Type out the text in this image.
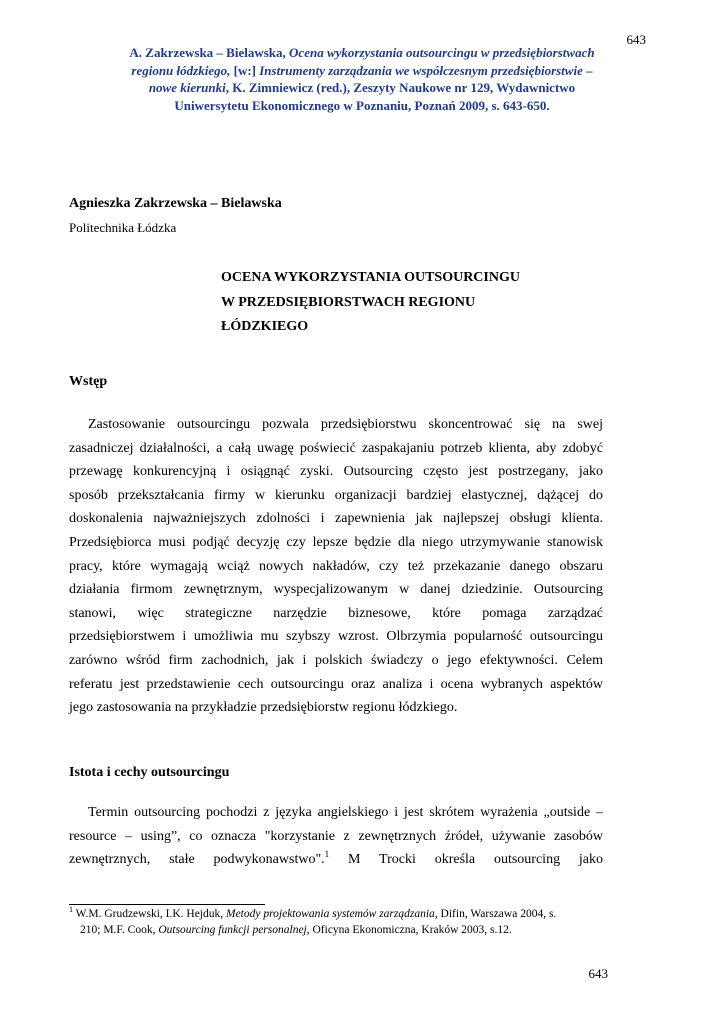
643
A. Zakrzewska – Bielawska, Ocena wykorzystania outsourcingu w przedsiębiorstwach
regionu łódzkiego, [w:] Instrumenty zarządzania we współczesnym przedsiębiorstwie –
nowe kierunki, K. Zimniewicz (red.), Zeszyty Naukowe nr 129, Wydawnictwo
Uniwersytetu Ekonomicznego w Poznaniu, Poznań 2009, s. 643-650.
Agnieszka Zakrzewska – Bielawska
Politechnika Łódzka
OCENA WYKORZYSTANIA OUTSOURCINGU
W PRZEDSIĘBIORSTWACH REGIONU
ŁÓDZKIEGO
Wstęp
Zastosowanie outsourcingu pozwala przedsiębiorstwu skoncentrować się na swej
zasadniczej działalności, a całą uwagę poświecić zaspakajaniu potrzeb klienta, aby zdobyć
przewagę konkurencyjną i osiągnąć zyski. Outsourcing często jest postrzegany, jako
sposób przekształcania firmy w kierunku organizacji bardziej elastycznej, dążącej do
doskonalenia najważniejszych zdolności i zapewnienia jak najlepszej obsługi klienta.
Przedsiębiorca musi podjąć decyzję czy lepsze będzie dla niego utrzymywanie stanowisk
pracy, które wymagają wciąż nowych nakładów, czy też przekazanie danego obszaru
działania firmom zewnętrznym, wyspecjalizowanym w danej dziedzinie. Outsourcing
stanowi, więc strategiczne narzędzie biznesowe, które pomaga zarządzać
przedsiębiorstwem i umożliwia mu szybszy wzrost. Olbrzymia popularność outsourcingu
zarówno wśród firm zachodnich, jak i polskich świadczy o jego efektywności. Celem
referatu jest przedstawienie cech outsourcingu oraz analiza i ocena wybranych aspektów
jego zastosowania na przykładzie przedsiębiorstw regionu łódzkiego.
Istota i cechy outsourcingu
Termin outsourcing pochodzi z języka angielskiego i jest skrótem wyrażenia „outside –
resource – using”, co oznacza "korzystanie z zewnętrznych źródeł, używanie zasobów
zewnętrznych, stałe podwykonawstwo".$^1$ M Trocki określa outsourcing jako
$^1$ W.M. Grudzewski, I.K. Hejduk, Metody projektowania systemów zarządzania, Difin, Warszawa 2004, s.
210; M.F. Cook, Outsourcing funkcji personalnej, Oficyna Ekonomiczna, Kraków 2003, s.12.
643
